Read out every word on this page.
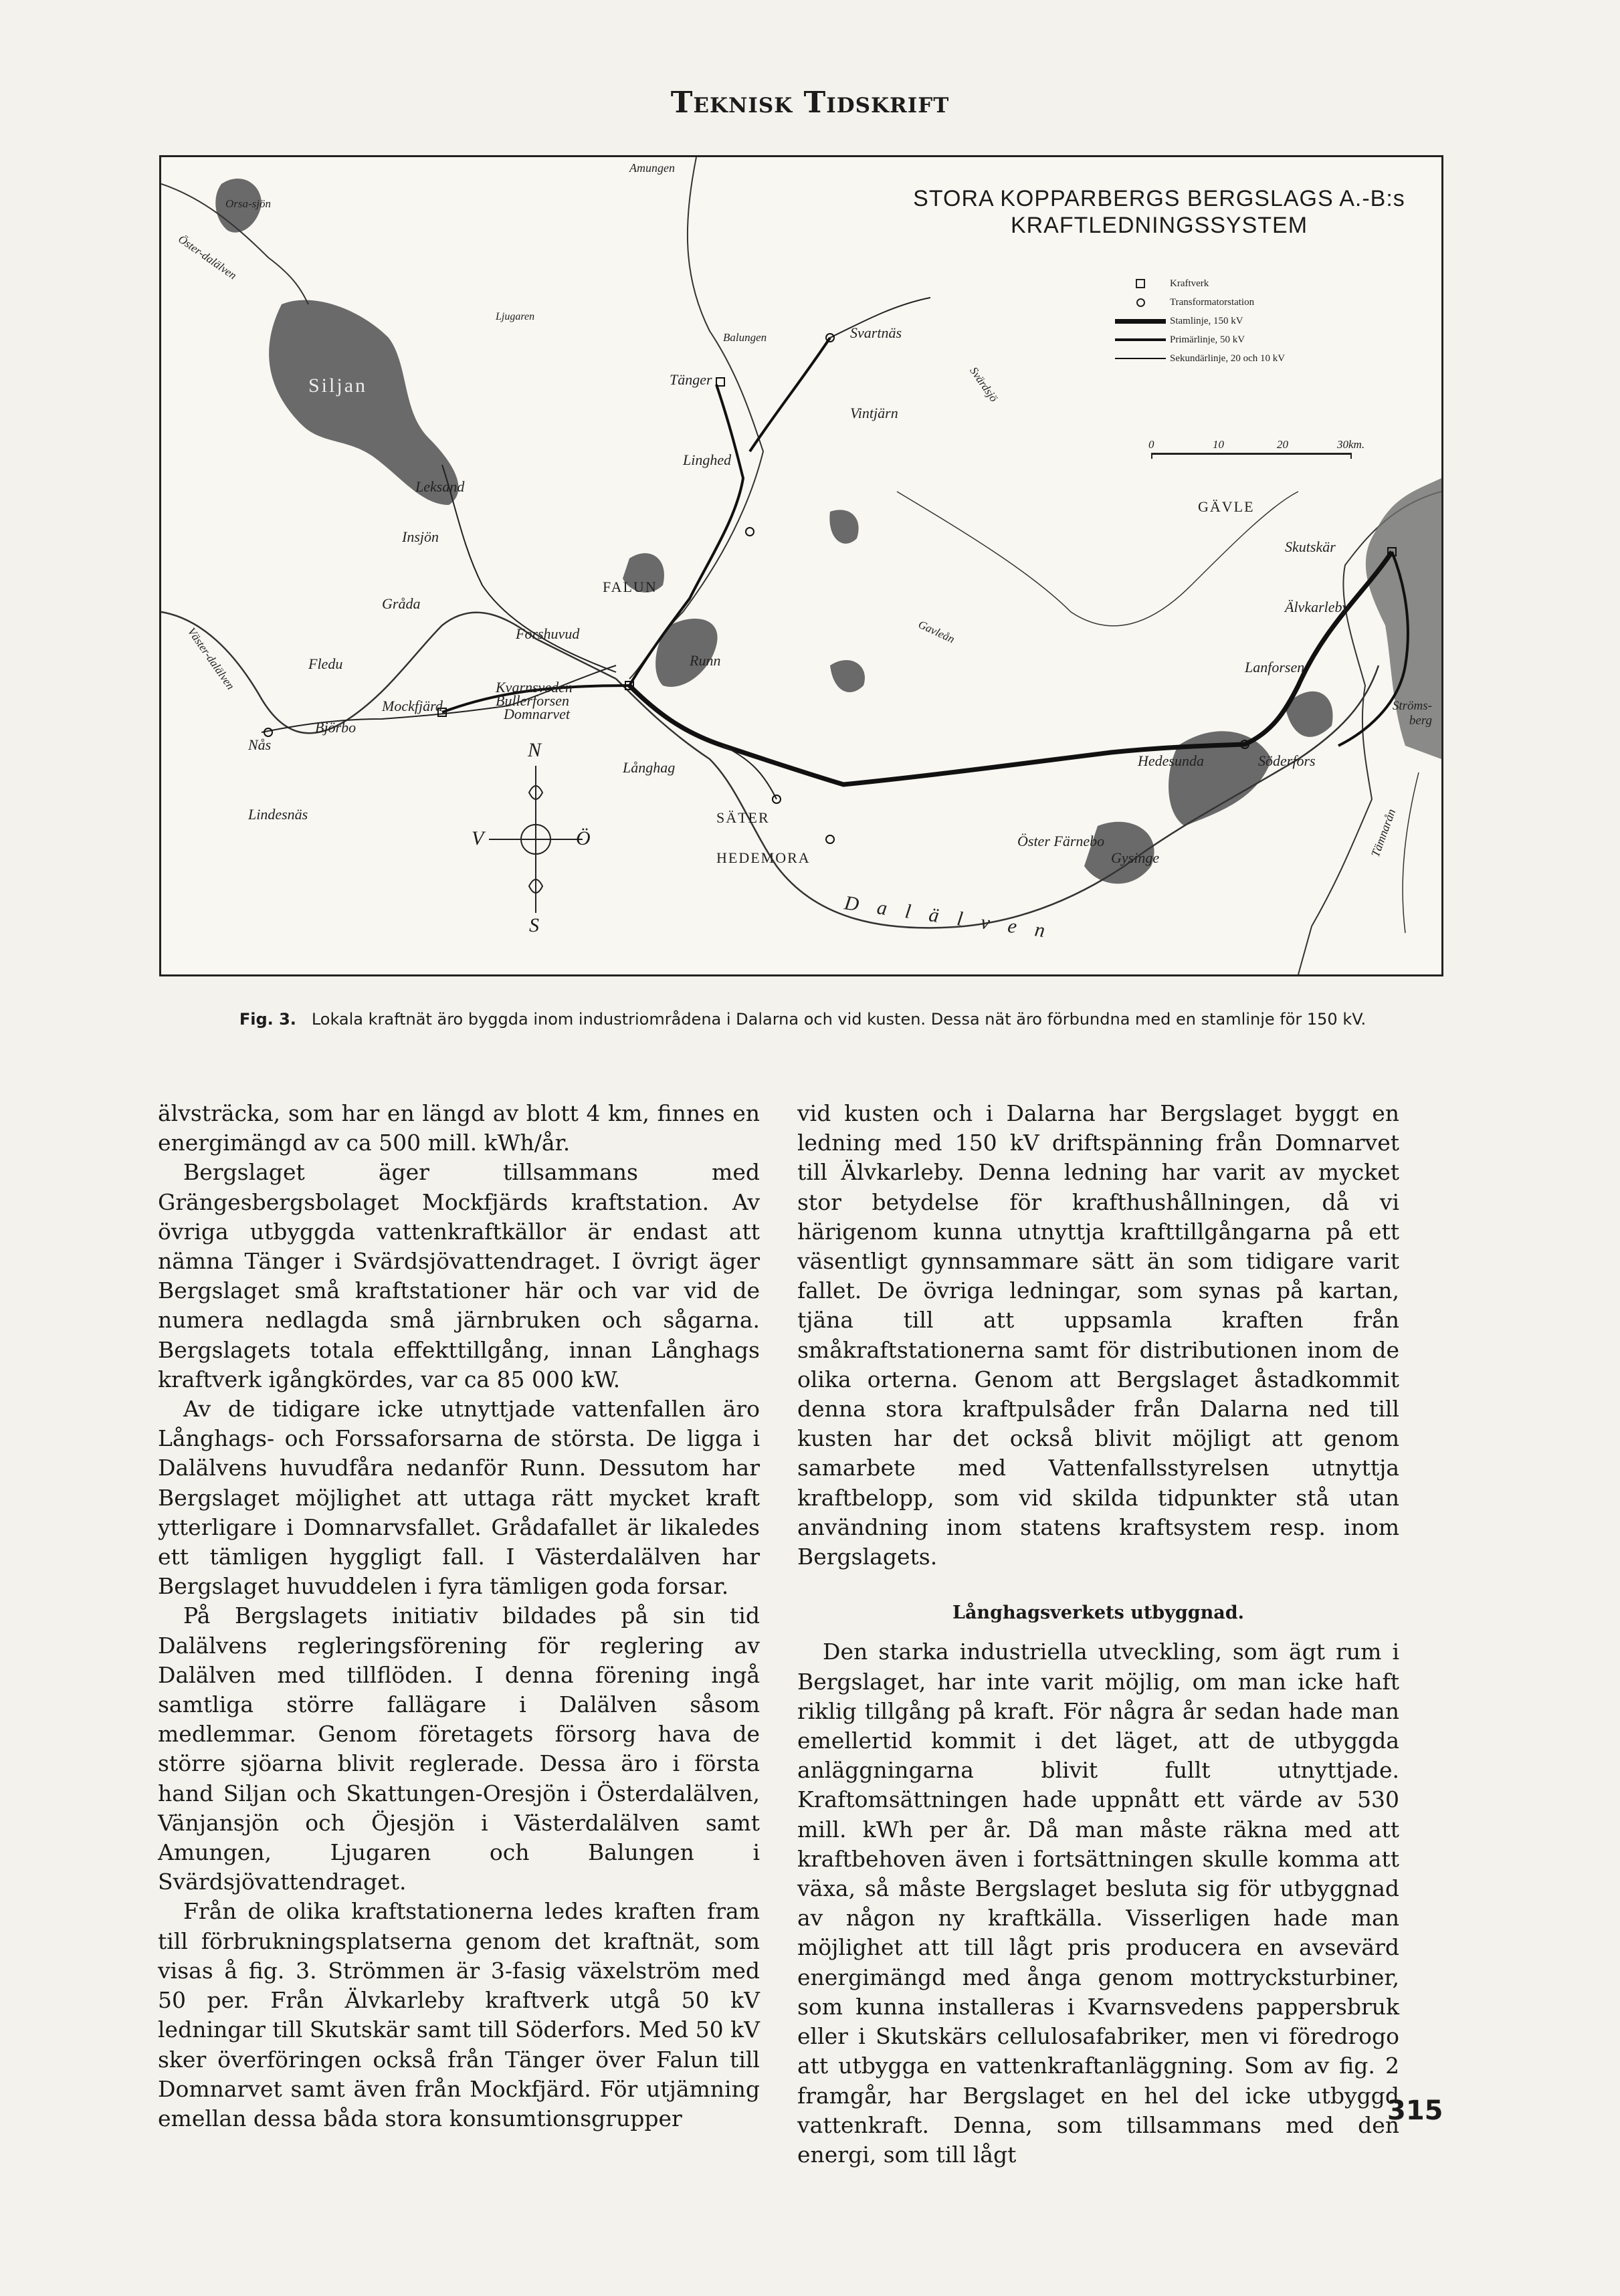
Teknisk Tidskrift
STORA KOPPARBERGS BERGSLAGS A.-B:s
KRAFTLEDNINGSSYSTEM
Kraftverk
Transformatorstation
Stamlinje, 150 kV
Primärlinje, 50 kV
Sekundärlinje, 20 och 10 kV
0	10	20	30km.
Amungen
Orsa-sjön
Öster-dalälven
Ljugaren
Siljan
Balungen	Svartnäs
Tänger
Vintjärn
Svärdsjö
Linghed
Leksand
Insjön
GÄVLE
Skutskär
Älvkarleby
Gråda
FALUN
Forshuvud
Runn
Gavleån
Väster-dalälven	Fledu
Kvarnsveden
Bullerforsen
Domnarvet
Mockfjärd
Björbo
Nås
Lanforsen
Ströms-berg
Hedesunda	Söderfors
Långhag
SÄTER
HEDEMORA
Lindesnäs
Öster Färnebo
Gysinge	Tämnarån
D a l ä l v e n
N
S
Ö
V
Fig. 3. Lokala kraftnät äro byggda inom industriområdena i Dalarna och vid kusten. Dessa nät äro förbundna med en stamlinje för 150 kV.

älvsträcka, som har en längd av blott 4 km, finnes en energimängd av ca 500 mill. kWh/år.

Bergslaget äger tillsammans med Grängesbergsbolaget Mockfjärds kraftstation. Av övriga utbyggda vattenkraftkällor är endast att nämna Tänger i Svärdsjövattendraget. I övrigt äger Bergslaget små kraftstationer här och var vid de numera nedlagda små järnbruken och sågarna. Bergslagets totala effekttillgång, innan Långhags kraftverk igångkördes, var ca 85 000 kW.

Av de tidigare icke utnyttjade vattenfallen äro Långhags- och Forssaforsarna de största. De ligga i Dalälvens huvudfåra nedanför Runn. Dessutom har Bergslaget möjlighet att uttaga rätt mycket kraft ytterligare i Domnarvsfallet. Grådafallet är likaledes ett tämligen hyggligt fall. I Västerdalälven har Bergslaget huvuddelen i fyra tämligen goda forsar.

På Bergslagets initiativ bildades på sin tid Dalälvens regleringsförening för reglering av Dalälven med tillflöden. I denna förening ingå samtliga större fallägare i Dalälven såsom medlemmar. Genom företagets försorg hava de större sjöarna blivit reglerade. Dessa äro i första hand Siljan och Skattungen-Oresjön i Österdalälven, Vänjansjön och Öjesjön i Västerdalälven samt Amungen, Ljugaren och Balungen i Svärdsjövattendraget.

Från de olika kraftstationerna ledes kraften fram till förbrukningsplatserna genom det kraftnät, som visas å fig. 3. Strömmen är 3-fasig växelström med 50 per. Från Älvkarleby kraftverk utgå 50 kV ledningar till Skutskär samt till Söderfors. Med 50 kV sker överföringen också från Tänger över Falun till Domnarvet samt även från Mockfjärd. För utjämning emellan dessa båda stora konsumtionsgrupper

vid kusten och i Dalarna har Bergslaget byggt en ledning med 150 kV driftspänning från Domnarvet till Älvkarleby. Denna ledning har varit av mycket stor betydelse för krafthushållningen, då vi härigenom kunna utnyttja krafttillgångarna på ett väsentligt gynnsammare sätt än som tidigare varit fallet. De övriga ledningar, som synas på kartan, tjäna till att uppsamla kraften från småkraftstationerna samt för distributionen inom de olika orterna. Genom att Bergslaget åstadkommit denna stora kraftpulsåder från Dalarna ned till kusten har det också blivit möjligt att genom samarbete med Vattenfallsstyrelsen utnyttja kraftbelopp, som vid skilda tidpunkter stå utan användning inom statens kraftsystem resp. inom Bergslagets.

Långhagsverkets utbyggnad.

Den starka industriella utveckling, som ägt rum i Bergslaget, har inte varit möjlig, om man icke haft riklig tillgång på kraft. För några år sedan hade man emellertid kommit i det läget, att de utbyggda anläggningarna blivit fullt utnyttjade. Kraftomsättningen hade uppnått ett värde av 530 mill. kWh per år. Då man måste räkna med att kraftbehoven även i fortsättningen skulle komma att växa, så måste Bergslaget besluta sig för utbyggnad av någon ny kraftkälla. Visserligen hade man möjlighet att till lågt pris producera en avsevärd energimängd med ånga genom mottrycksturbiner, som kunna installeras i Kvarnsvedens pappersbruk eller i Skutskärs cellulosafabriker, men vi föredrogo att utbygga en vattenkraftanläggning. Som av fig. 2 framgår, har Bergslaget en hel del icke utbyggd vattenkraft. Denna, som tillsammans med den energi, som till lågt

315
